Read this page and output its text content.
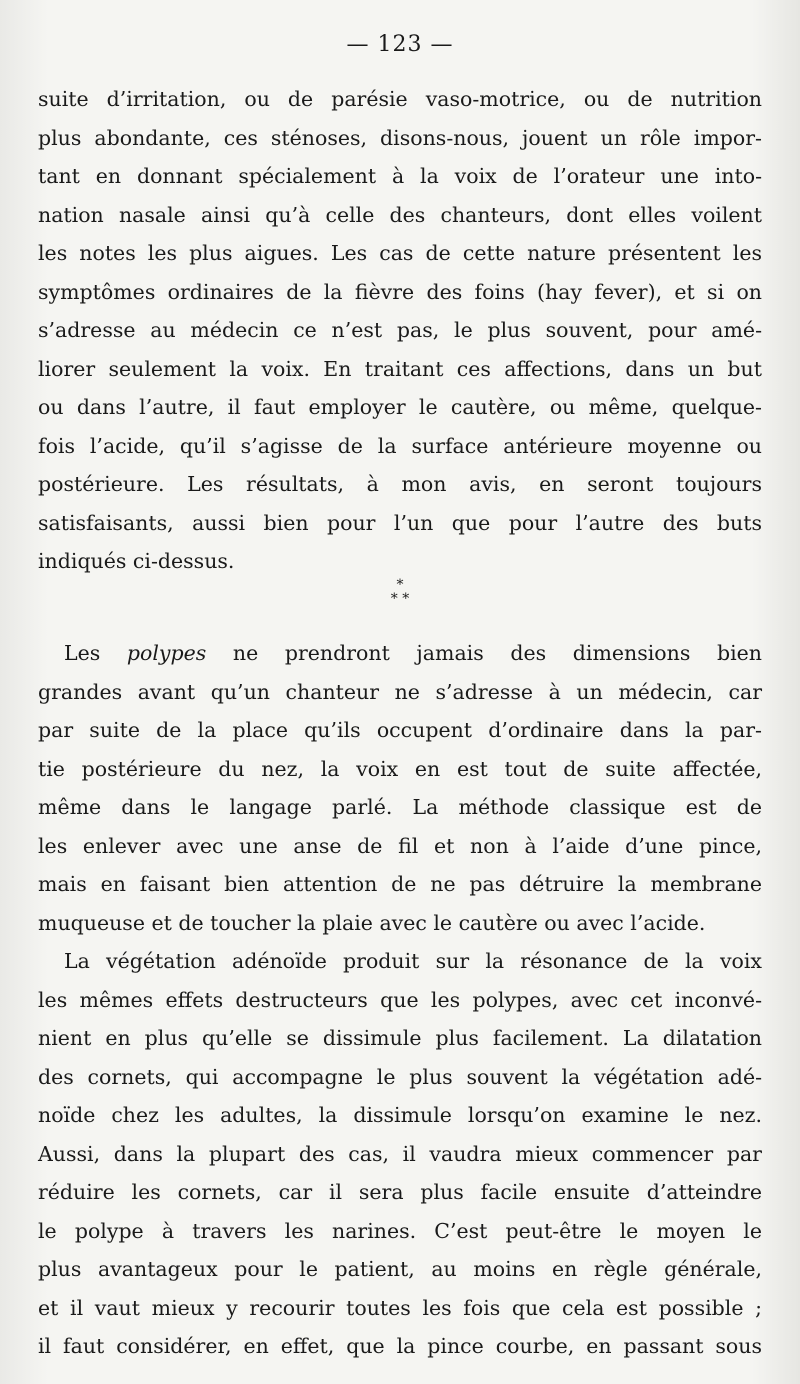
— 123 —
suite d’irritation, ou de parésie vaso-motrice, ou de nutrition
plus abondante, ces sténoses, disons-nous, jouent un rôle impor-
tant en donnant spécialement à la voix de l’orateur une into-
nation nasale ainsi qu’à celle des chanteurs, dont elles voilent
les notes les plus aigues. Les cas de cette nature présentent les
symptômes ordinaires de la fièvre des foins (hay fever), et si on
s’adresse au médecin ce n’est pas, le plus souvent, pour amé-
liorer seulement la voix. En traitant ces affections, dans un but
ou dans l’autre, il faut employer le cautère, ou même, quelque-
fois l’acide, qu’il s’agisse de la surface antérieure moyenne ou
postérieure. Les résultats, à mon avis, en seront toujours
satisfaisants, aussi bien pour l’un que pour l’autre des buts
indiqués ci-dessus.
*
* *
Les polypes ne prendront jamais des dimensions bien
grandes avant qu’un chanteur ne s’adresse à un médecin, car
par suite de la place qu’ils occupent d’ordinaire dans la par-
tie postérieure du nez, la voix en est tout de suite affectée,
même dans le langage parlé. La méthode classique est de
les enlever avec une anse de fil et non à l’aide d’une pince,
mais en faisant bien attention de ne pas détruire la membrane
muqueuse et de toucher la plaie avec le cautère ou avec l’acide.
La végétation adénoïde produit sur la résonance de la voix
les mêmes effets destructeurs que les polypes, avec cet inconvé-
nient en plus qu’elle se dissimule plus facilement. La dilatation
des cornets, qui accompagne le plus souvent la végétation adé-
noïde chez les adultes, la dissimule lorsqu’on examine le nez.
Aussi, dans la plupart des cas, il vaudra mieux commencer par
réduire les cornets, car il sera plus facile ensuite d’atteindre
le polype à travers les narines. C’est peut-être le moyen le
plus avantageux pour le patient, au moins en règle générale,
et il vaut mieux y recourir toutes les fois que cela est possible ;
il faut considérer, en effet, que la pince courbe, en passant sous
